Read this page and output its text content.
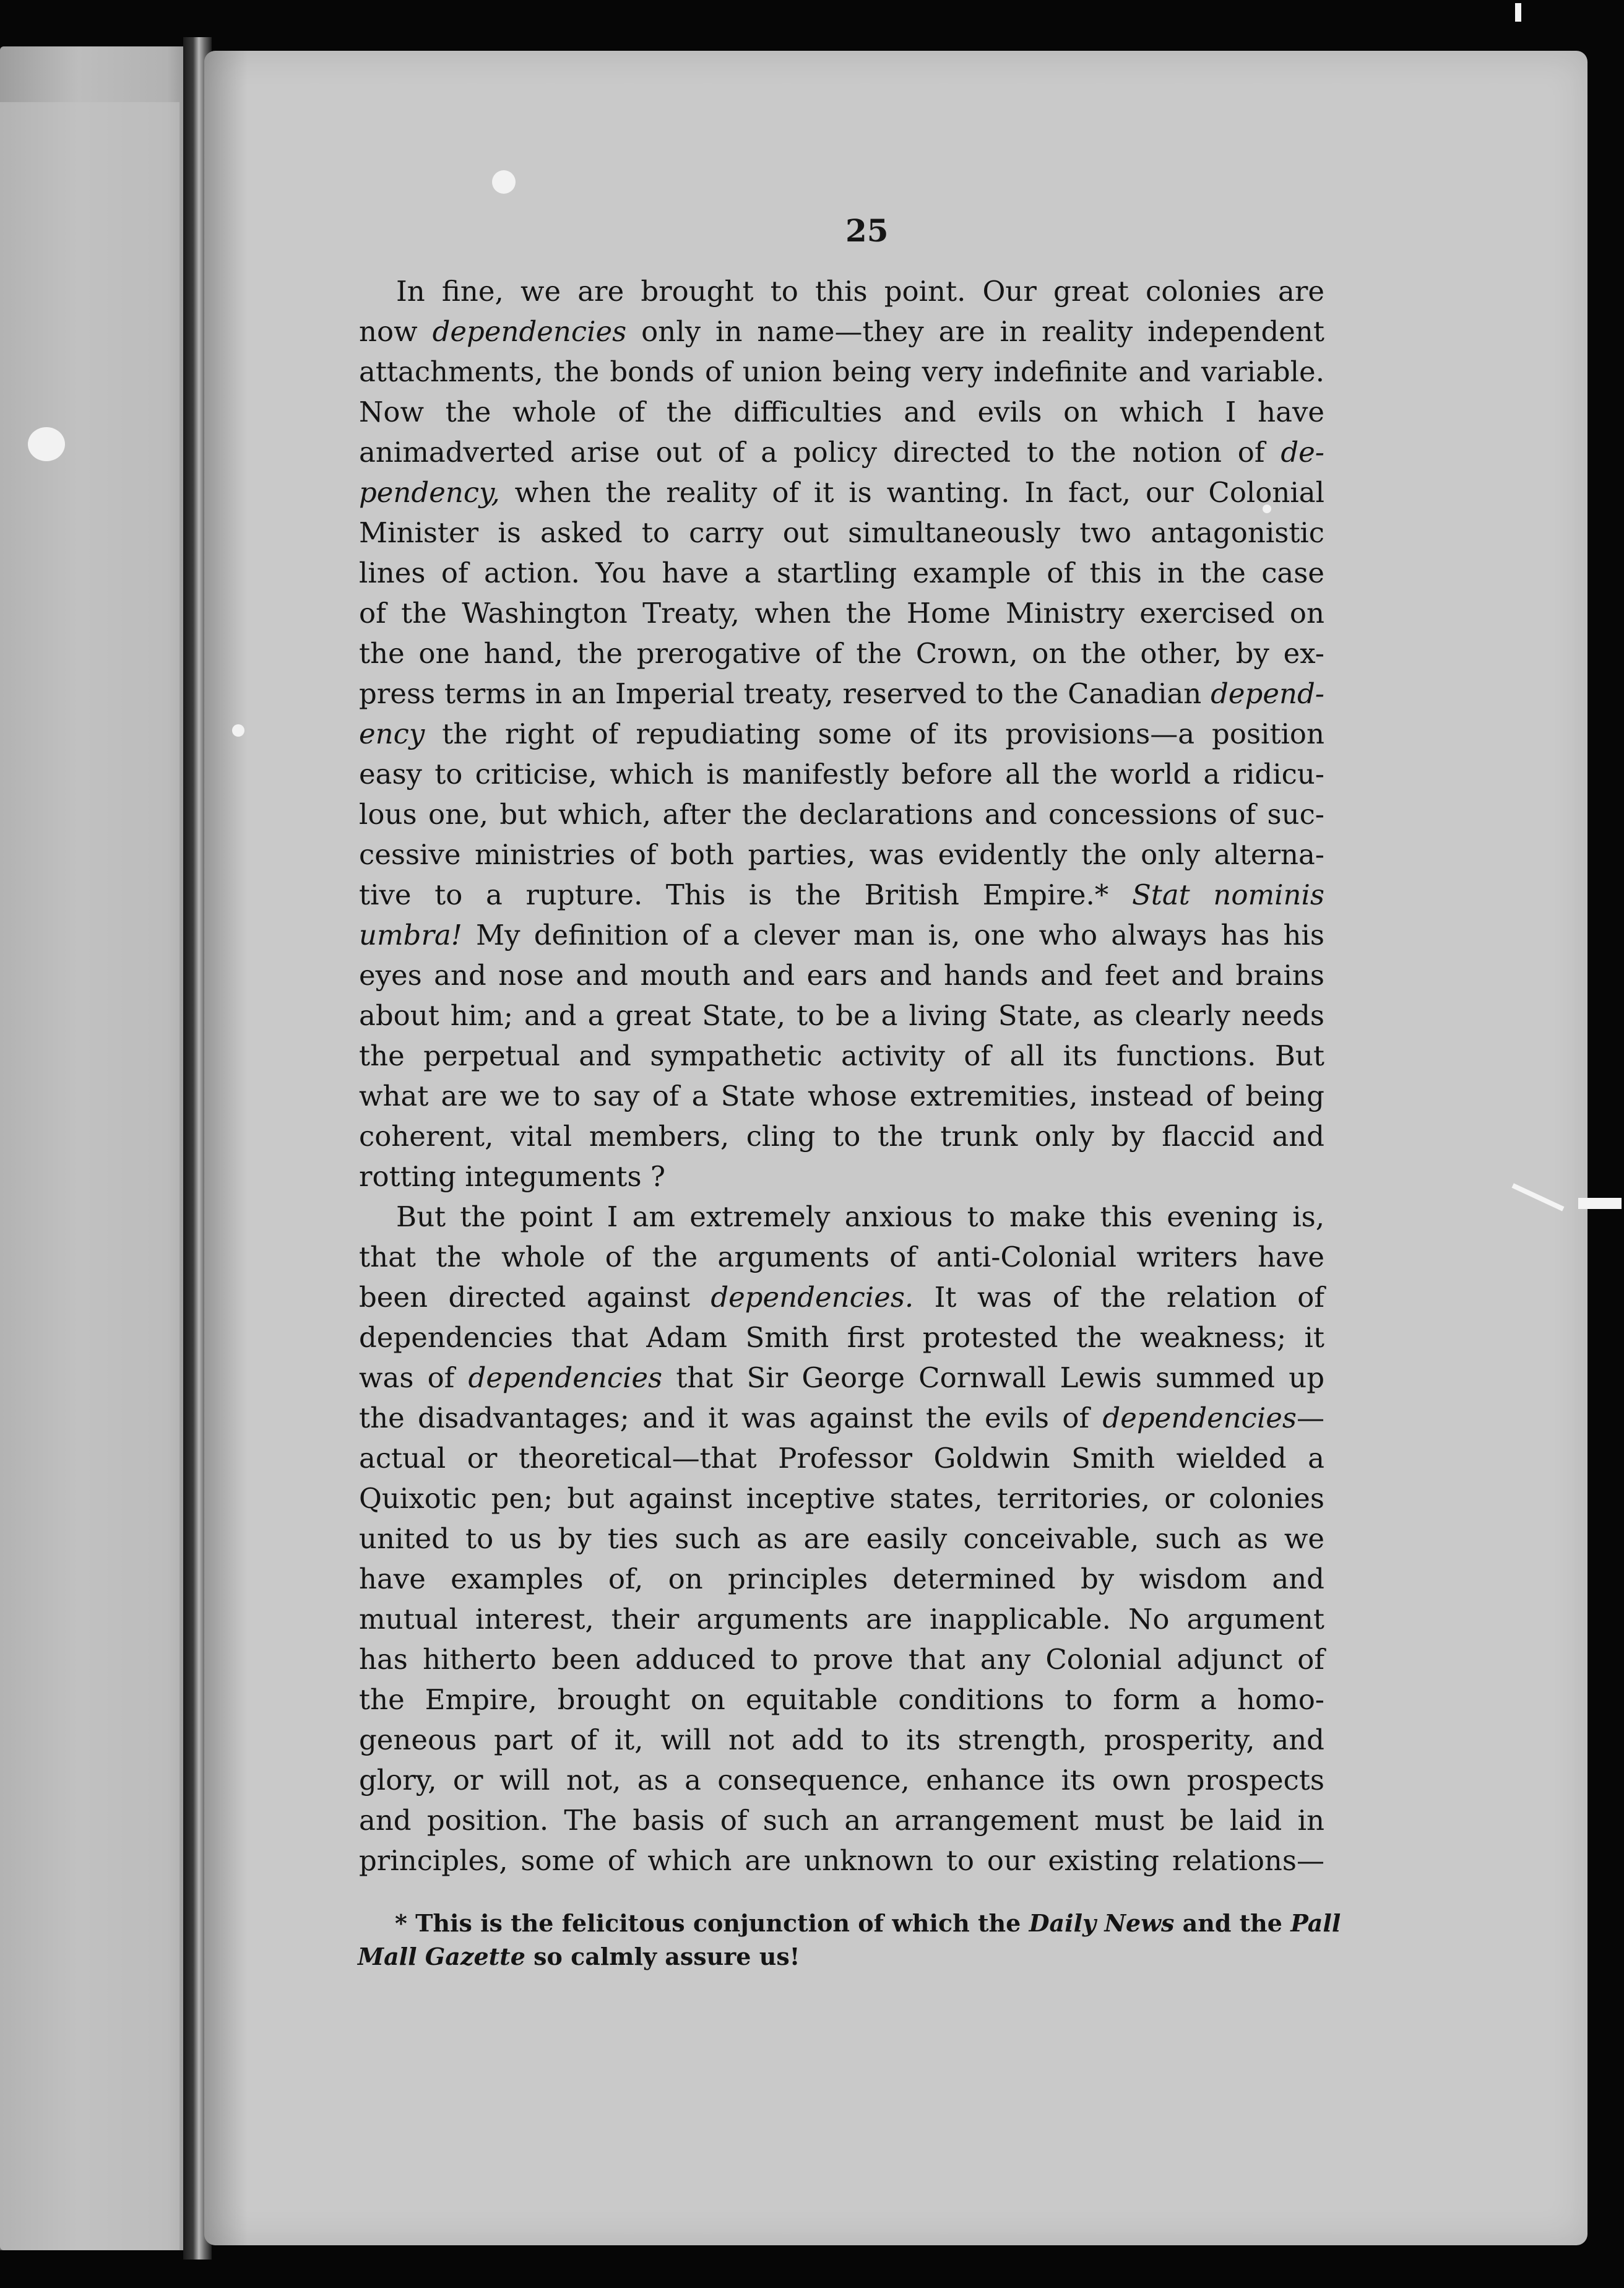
In fine, we are brought to this point. Our great colonies are
now dependencies only in name—they are in reality independent
attachments, the bonds of union being very indefinite and variable.
Now the whole of the difficulties and evils on which I have
animadverted arise out of a policy directed to the notion of de-
pendency, when the reality of it is wanting. In fact, our Colonial
Minister is asked to carry out simultaneously two antagonistic
lines of action. You have a startling example of this in the case
of the Washington Treaty, when the Home Ministry exercised on
the one hand, the prerogative of the Crown, on the other, by ex-
press terms in an Imperial treaty, reserved to the Canadian depend-
ency the right of repudiating some of its provisions—a position
easy to criticise, which is manifestly before all the world a ridicu-
lous one, but which, after the declarations and concessions of suc-
cessive ministries of both parties, was evidently the only alterna-
tive to a rupture. This is the British Empire.* Stat nominis
umbra! My definition of a clever man is, one who always has his
eyes and nose and mouth and ears and hands and feet and brains
about him; and a great State, to be a living State, as clearly needs
the perpetual and sympathetic activity of all its functions. But
what are we to say of a State whose extremities, instead of being
coherent, vital members, cling to the trunk only by flaccid and
rotting integuments ?
But the point I am extremely anxious to make this evening is,
that the whole of the arguments of anti-Colonial writers have
been directed against dependencies. It was of the relation of
dependencies that Adam Smith first protested the weakness; it
was of dependencies that Sir George Cornwall Lewis summed up
the disadvantages; and it was against the evils of dependencies—
actual or theoretical—that Professor Goldwin Smith wielded a
Quixotic pen; but against inceptive states, territories, or colonies
united to us by ties such as are easily conceivable, such as we
have examples of, on principles determined by wisdom and
mutual interest, their arguments are inapplicable. No argument
has hitherto been adduced to prove that any Colonial adjunct of
the Empire, brought on equitable conditions to form a homo-
geneous part of it, will not add to its strength, prosperity, and
glory, or will not, as a consequence, enhance its own prospects
and position. The basis of such an arrangement must be laid in
principles, some of which are unknown to our existing relations—
* This is the felicitous conjunction of which the Daily News and the Pall
Mall Gazette so calmly assure us!
